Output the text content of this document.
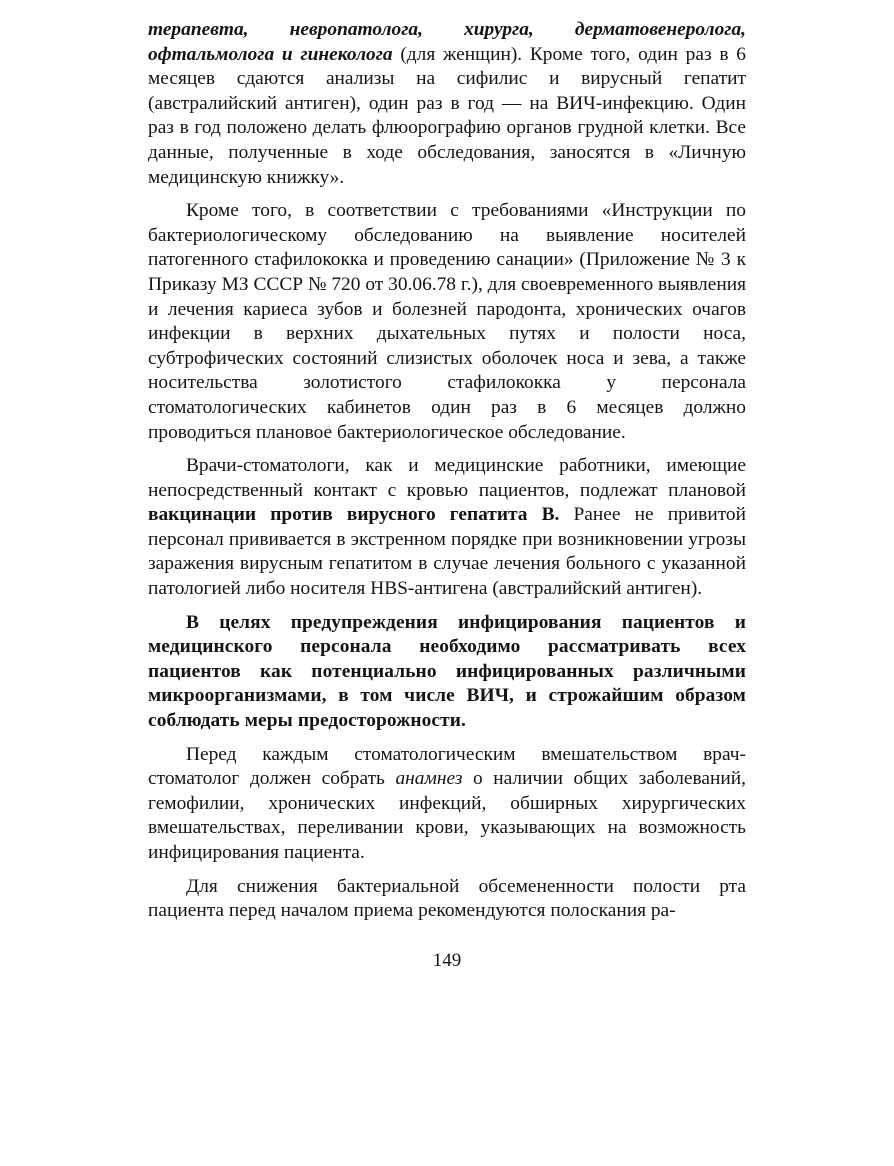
терапевта, невропатолога, хирурга, дерматовенеролога, офтальмолога и гинеколога (для женщин). Кроме того, один раз в 6 месяцев сдаются анализы на сифилис и вирусный гепатит (австралийский антиген), один раз в год — на ВИЧ-инфекцию. Один раз в год положено делать флюорографию органов грудной клетки. Все данные, полученные в ходе обследования, заносятся в «Личную медицинскую книжку».

Кроме того, в соответствии с требованиями «Инструкции по бактериологическому обследованию на выявление носителей патогенного стафилококка и проведению санации» (Приложение № 3 к Приказу МЗ СССР № 720 от 30.06.78 г.), для своевременного выявления и лечения кариеса зубов и болезней пародонта, хронических очагов инфекции в верхних дыхательных путях и полости носа, субтрофических состояний слизистых оболочек носа и зева, а также носительства золотистого стафилококка у персонала стоматологических кабинетов один раз в 6 месяцев должно проводиться плановое бактериологическое обследование.

Врачи-стоматологи, как и медицинские работники, имеющие непосредственный контакт с кровью пациентов, подлежат плановой вакцинации против вирусного гепатита В. Ранее не привитой персонал прививается в экстренном порядке при возникновении угрозы заражения вирусным гепатитом в случае лечения больного с указанной патологией либо носителя HBS-антигена (австралийский антиген).

В целях предупреждения инфицирования пациентов и медицинского персонала необходимо рассматривать всех пациентов как потенциально инфицированных различными микроорганизмами, в том числе ВИЧ, и строжайшим образом соблюдать меры предосторожности.

Перед каждым стоматологическим вмешательством врач-стоматолог должен собрать анамнез о наличии общих заболеваний, гемофилии, хронических инфекций, обширных хирургических вмешательствах, переливании крови, указывающих на возможность инфицирования пациента.

Для снижения бактериальной обсемененности полости рта пациента перед началом приема рекомендуются полоскания ра-

149
